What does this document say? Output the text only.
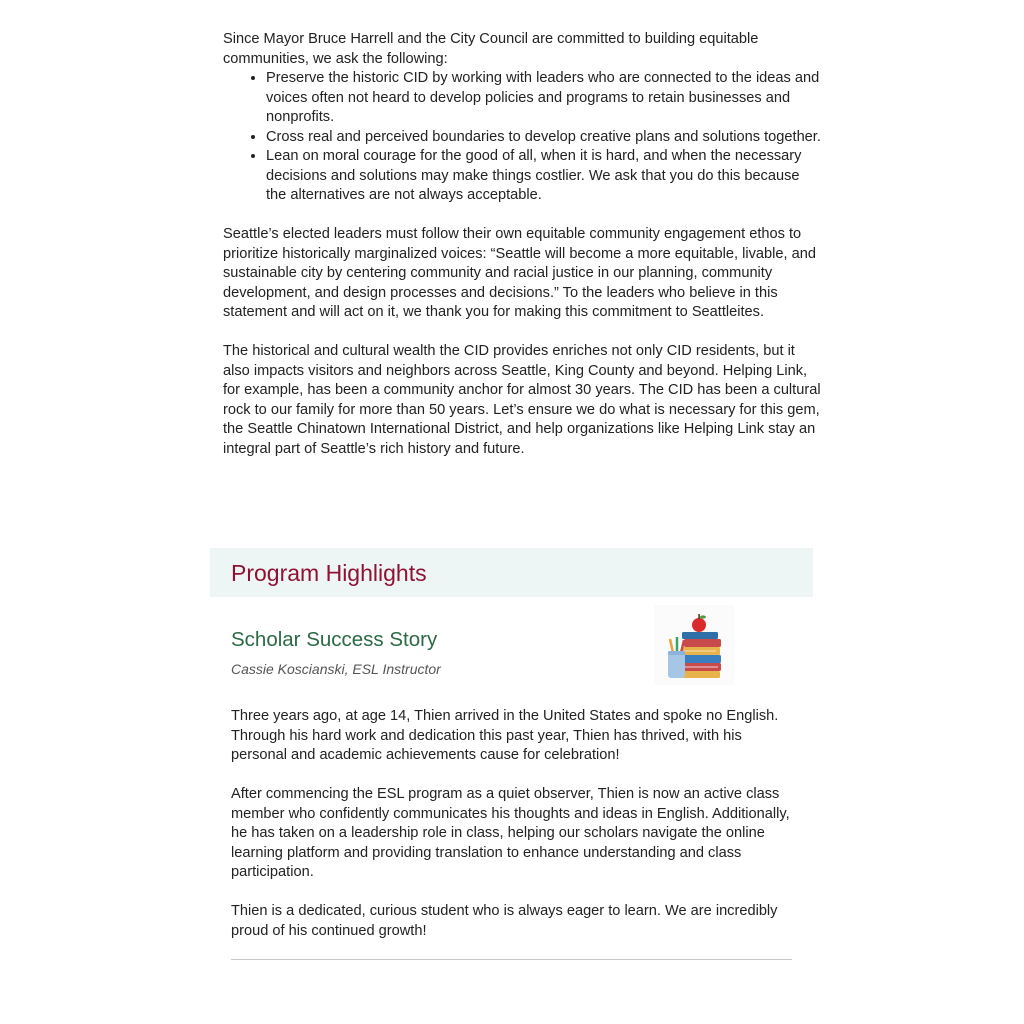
Since Mayor Bruce Harrell and the City Council are committed to building equitable communities, we ask the following:

• Preserve the historic CID by working with leaders who are connected to the ideas and voices often not heard to develop policies and programs to retain businesses and nonprofits.
• Cross real and perceived boundaries to develop creative plans and solutions together.
• Lean on moral courage for the good of all, when it is hard, and when the necessary decisions and solutions may make things costlier. We ask that you do this because the alternatives are not always acceptable.

Seattle’s elected leaders must follow their own equitable community engagement ethos to prioritize historically marginalized voices: “Seattle will become a more equitable, livable, and sustainable city by centering community and racial justice in our planning, community development, and design processes and decisions.” To the leaders who believe in this statement and will act on it, we thank you for making this commitment to Seattleites.

The historical and cultural wealth the CID provides enriches not only CID residents, but it also impacts visitors and neighbors across Seattle, King County and beyond. Helping Link, for example, has been a community anchor for almost 30 years. The CID has been a cultural rock to our family for more than 50 years. Let’s ensure we do what is necessary for this gem, the Seattle Chinatown International District, and help organizations like Helping Link stay an integral part of Seattle’s rich history and future.

Program Highlights
Scholar Success Story
Cassie Koscianski, ESL Instructor

Three years ago, at age 14, Thien arrived in the United States and spoke no English. Through his hard work and dedication this past year, Thien has thrived, with his personal and academic achievements cause for celebration!

After commencing the ESL program as a quiet observer, Thien is now an active class member who confidently communicates his thoughts and ideas in English. Additionally, he has taken on a leadership role in class, helping our scholars navigate the online learning platform and providing translation to enhance understanding and class participation.

Thien is a dedicated, curious student who is always eager to learn. We are incredibly proud of his continued growth!
